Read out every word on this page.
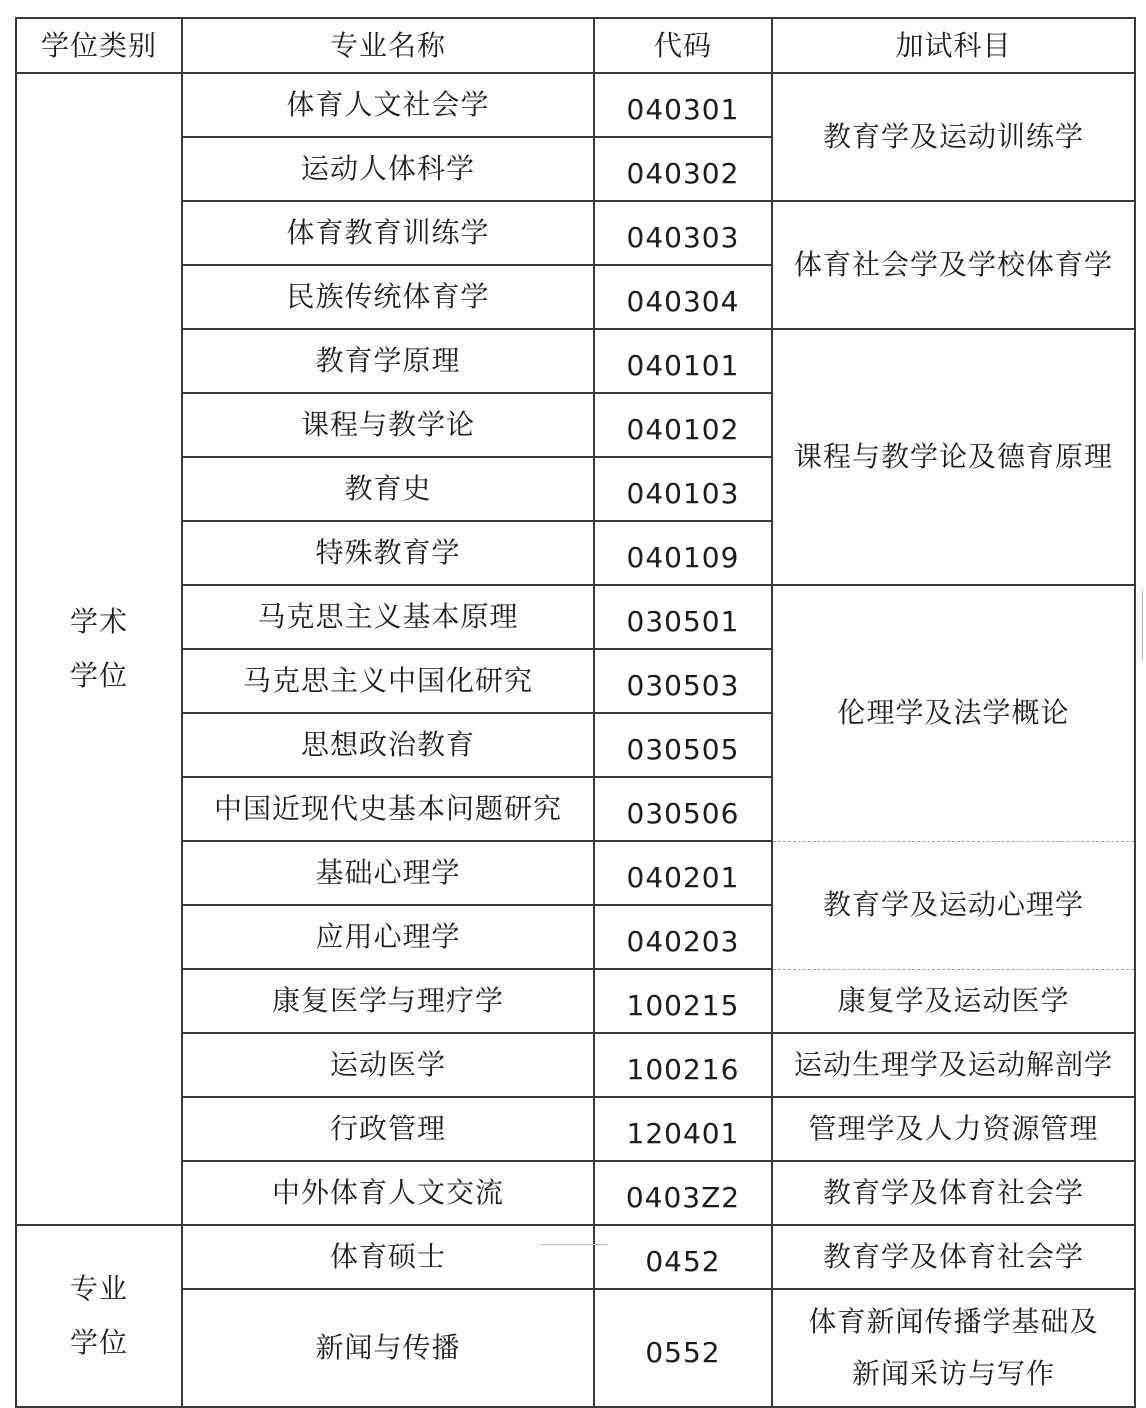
学位类别	专业名称	代码	加试科目

学术
学位	体育人文社会学	040301	教育学及运动训练学
	运动人体科学	040302	
	体育教育训练学	040303	体育社会学及学校体育学
	民族传统体育学	040304	
	教育学原理	040101	课程与教学论及德育原理
	课程与教学论	040102	
	教育史	040103	
	特殊教育学	040109	
	马克思主义基本原理	030501	伦理学及法学概论
	马克思主义中国化研究	030503	
	思想政治教育	030505	
	中国近现代史基本问题研究	030506	
	基础心理学	040201	教育学及运动心理学
	应用心理学	040203	
	康复医学与理疗学	100215	康复学及运动医学
	运动医学	100216	运动生理学及运动解剖学
	行政管理	120401	管理学及人力资源管理
	中外体育人文交流	0403Z2	教育学及体育社会学

专业
学位	体育硕士	0452	教育学及体育社会学
	新闻与传播	0552	体育新闻传播学基础及
新闻采访与写作
